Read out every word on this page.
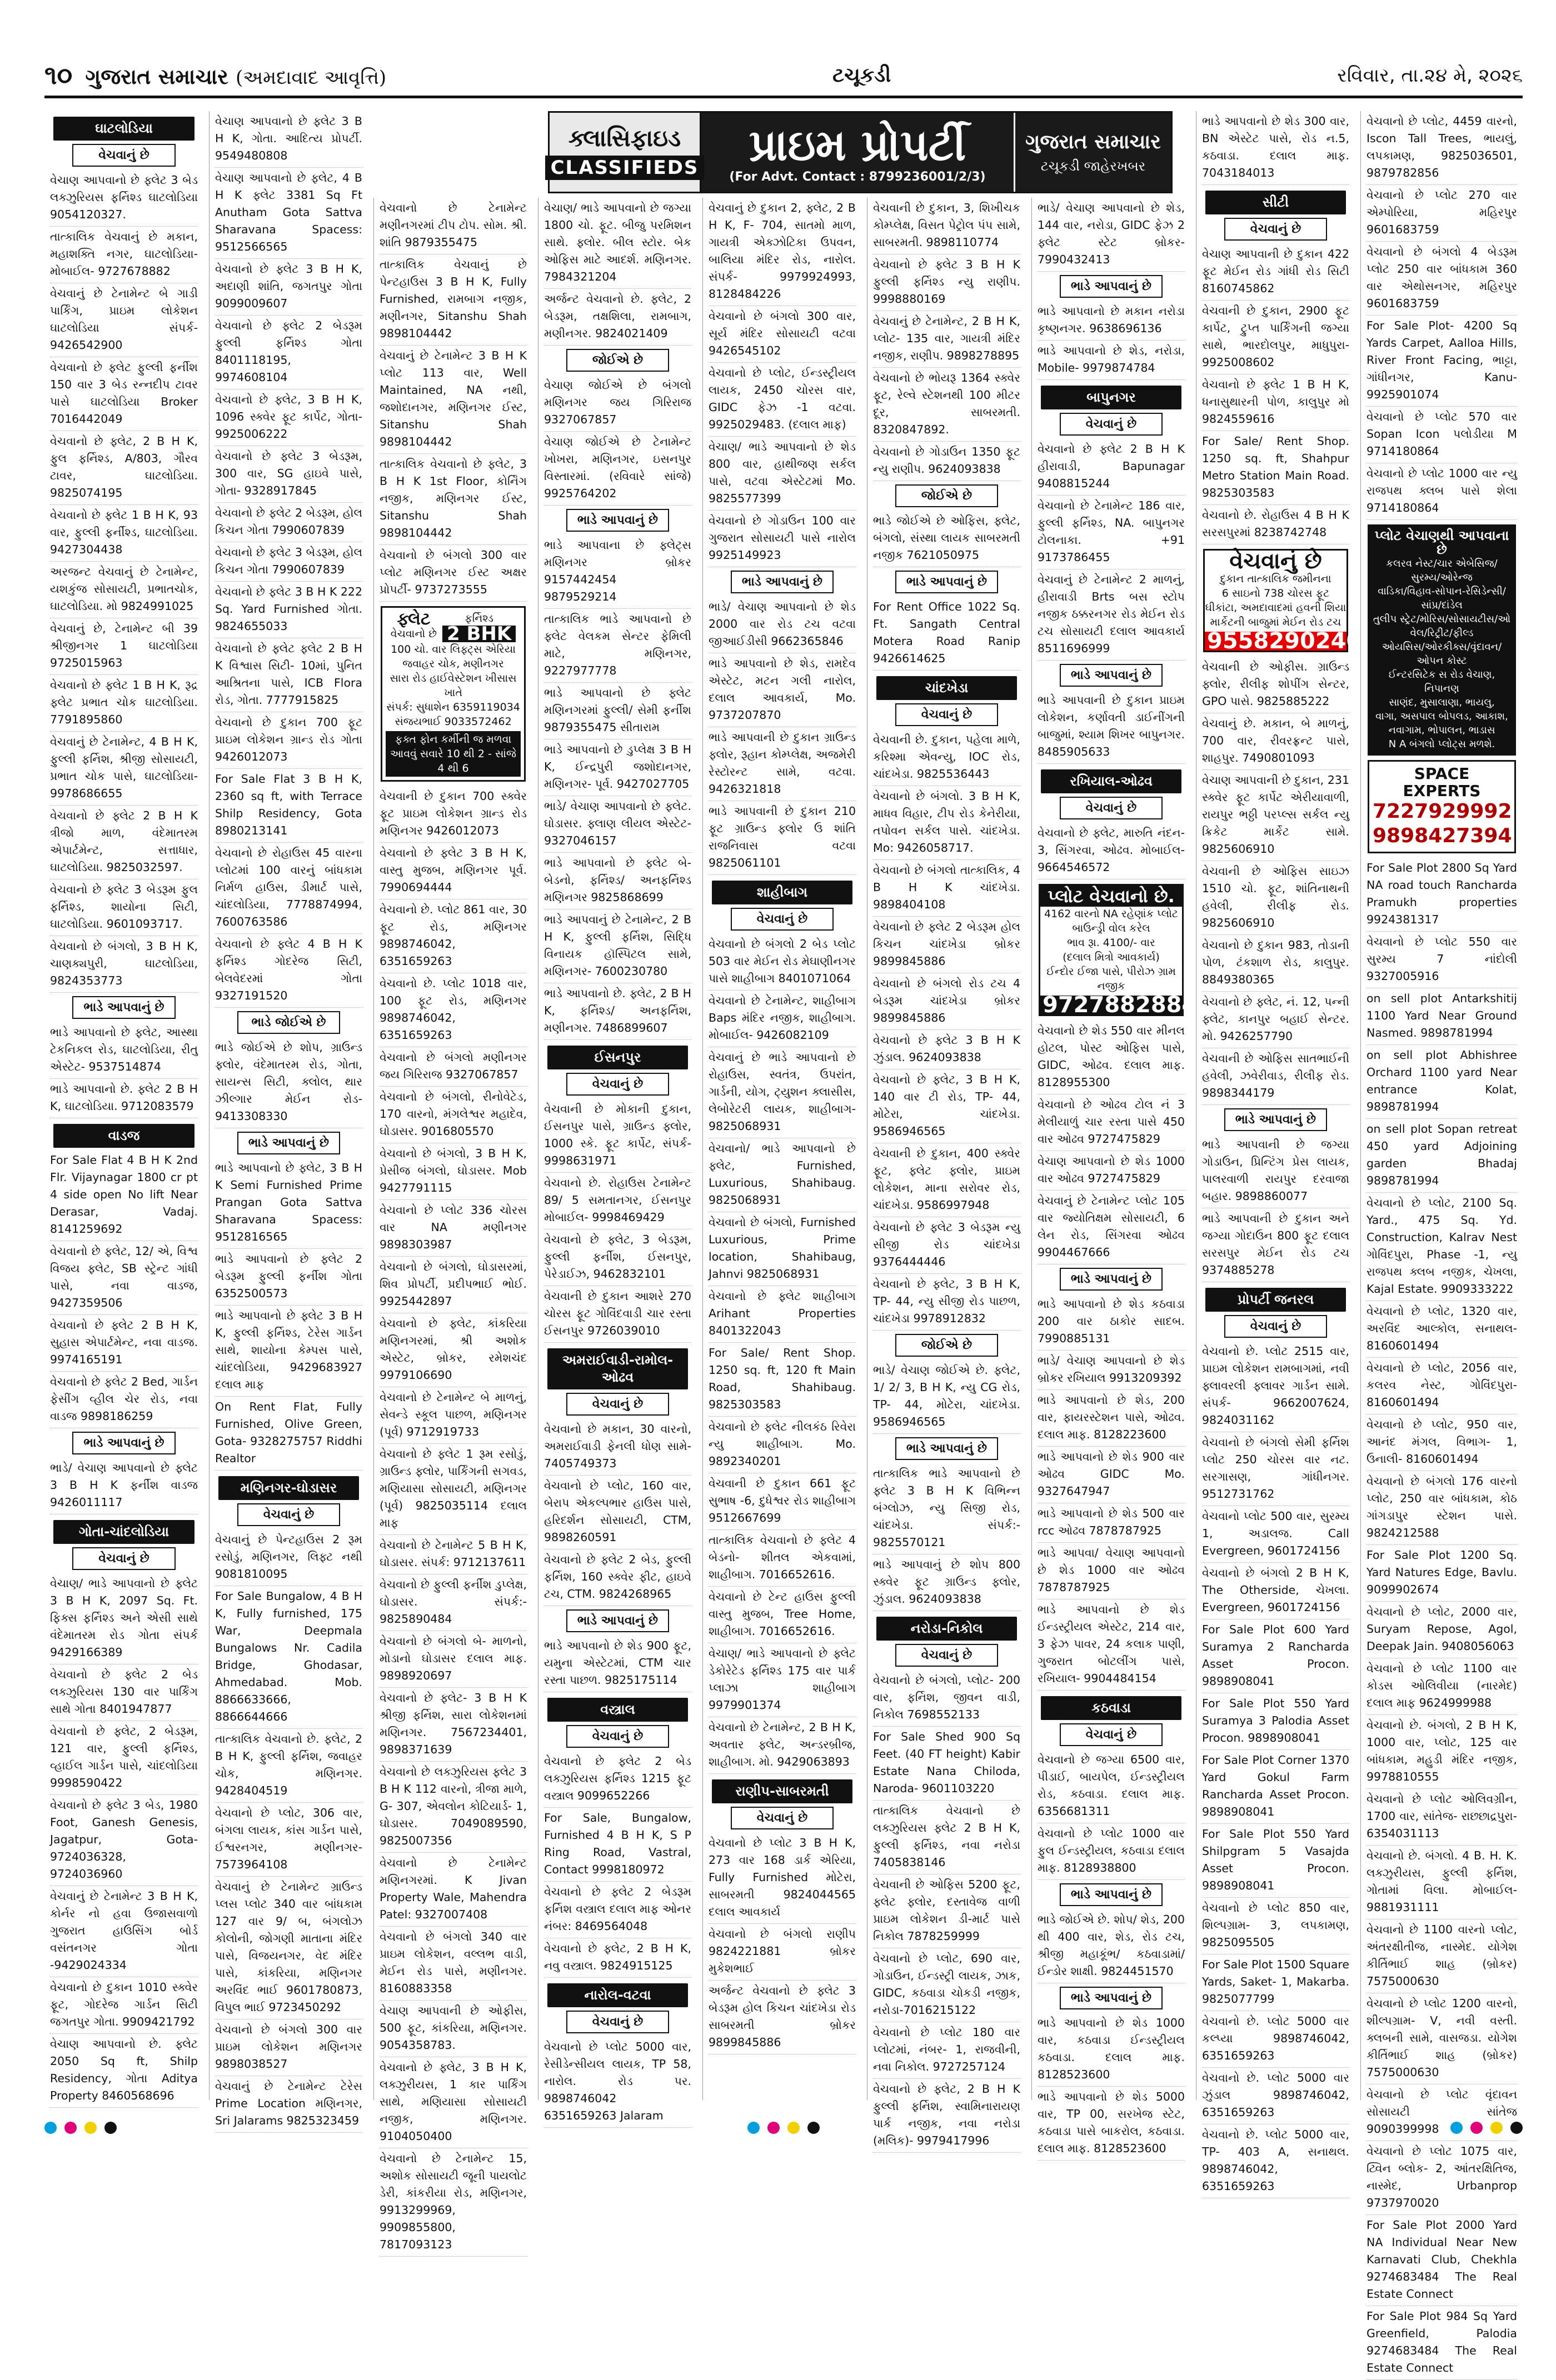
૧૦ ગુજરાત સમાચાર (અમદાવાદ આવૃત્તિ)	ટચૂકડી	રવિવાર, તા.૨૪ મે, ૨૦૨૬
ઘાટલોડિયા
વેચવાનું છે
વેચાણ આપવાનો છે ફ્લેટ 3 બેડ લક્ઝુરિયસ ફર્નિશ્ડ ઘાટલોડિયા 9054120327.
તાત્કાલિક વેચવાનું છે મકાન, મહાશક્તિ નગર, ઘાટલોડિયા- મોબાઈલ- 9727678882
વેચવાનું છે ટેનામેન્ટ બે ગાડી પાર્કિંગ, પ્રાઇમ લોકેશન ઘાટલોડિયા સંપર્ક- 9426542900
વેચવાનો છે ફ્લેટ ફુલ્લી ફર્નીશ 150 વાર 3 બેડ રન્નદીપ ટાવર પાસે ઘાટલોડિયા Broker 7016442049
વેચવાનો છે ફ્લેટ, 2 B H K, ફુલ ફર્નિશ્ડ, A/803, ગૌરવ ટાવર, ઘાટલોડિયા. 9825074195
વેચવાનો છે ફ્લેટ 1 B H K, 93 વાર, ફુલ્લી ફર્નીશ્ડ, ઘાટલોડિયા. 9427304438
અરજન્ટ વેચવાનું છે ટેનામેન્ટ, યશકુંજ સોસાયટી, પ્રભાતચોક, ઘાટલોડિયા. મો 9824991025
વેચવાનું છે, ટેનામેન્ટ બી 39 શ્રીજીનગર 1 ઘાટલોડિયા 9725015963
વેચવાનો છે ફ્લેટ 1 B H K, રૂદ્ર ફ્લેટ પ્રભાત ચોક ઘાટલોડિયા. 7791895860
વેચવાનું છે ટેનામેન્ટ, 4 B H K, ફુલ્લી ફર્નિશ, શ્રીજી સોસાયટી, પ્રભાત ચોક પાસે, ઘાટલોડિયા- 9978686655
વેચવાનો છે ફ્લેટ 2 B H K ત્રીજો માળ, વંદેમાતરમ એપાર્ટમેન્ટ, સત્તાધાર, ઘાટલોડિયા. 9825032597.
વેચવાનો છે ફ્લેટ 3 બેડરૂમ ફુલ ફર્નિશ્ડ, શાયોના સિટી, ઘાટલોડિયા. 9601093717.
વેચવાનો છે બંગલો, 3 B H K, ચાણક્યપુરી, ઘાટલોડિયા, 9824353773
ભાડે આપવાનું છે
ભાડે આપવાનો છે ફ્લેટ, આસ્થા ટેકનિકલ રોડ, ઘાટલોડિયા, રીતુ એસ્ટેટ- 9537514874
ભાડે આપવાનો છે. ફ્લેટ 2 B H K, ઘાટલોડિયા. 9712083579
વાડજ
For Sale Flat 4 B H K 2nd Flr. Vijaynagar 1800 cr pt 4 side open No lift Near Derasar, Vadaj. 8141259692
વેચવાનો છે ફ્લેટ, 12/ એ, વિશ્વ વિજય ફ્લેટ, SB સ્ટ્રેન્ટ ગાંધી પાસે, નવા વાડજ, 9427359506
વેચવાનો છે ફ્લેટ 2 B H K, સુહાસ એપાર્ટમેન્ટ, નવા વાડજ. 9974165191
વેચવાનો છે ફ્લેટ 2 Bed, ગાર્ડન ફેસીંગ વ્હીલ ચેર રોડ, નવા વાડજ 9898186259
ભાડે આપવાનું છે
ભાડે/ વેચાણ આપવાનો છે ફ્લેટ 3 B H K ફર્નીશ વાડજ 9426011117
ગોતા-ચાંદલોડિયા
વેચવાનું છે
વેચાણ/ ભાડે આપવાનો છે ફ્લેટ 3 B H K, 2097 Sq. Ft. ફિક્સ ફર્નિશ્ડ અને એસી સાથે વંદેમાતરમ રોડ ગોતા સંપર્ક 9429166389
વેચવાનો છે ફ્લેટ 2 બેડ લક્ઝુરિયસ 130 વાર પાર્કિંગ સાથે ગોતા 8401947877
વેચવાનો છે ફ્લેટ, 2 બેડરૂમ, 121 વાર, ફુલ્લી ફર્નિશ્ડ, વ્હાઈલ ગાર્ડન પાસે, ચાંદલોડિયા 9998590422
વેચવાનો છે ફ્લેટ 3 બેડ, 1980 Foot, Ganesh Genesis, Jagatpur, Gota- 9724036328, 9724036960
વેચવાનું છે ટેનામેન્ટ 3 B H K, કોર્નર નો હવા ઉજાસવાળો ગુજરાત હાઉસિંગ બોર્ડ વસંતનગર ગોતા -9429024334
વેચવાનો છે દુકાન 1010 સ્ક્વેર ફૂટ, ગોદરેજ ગાર્ડન સિટી જગતપુર ગોતા. 9909421792
વેચાણ આપવાનો છે. ફ્લેટ 2050 Sq ft, Shilp Residency, ગોતા Aditya Property 8460568696
વેચાણ આપવાનો છે ફ્લેટ 3 B H K, ગોતા. આદિત્ય પ્રોપર્ટી. 9549480808
વેચાણ આપવાનો છે ફ્લેટ, 4 B H K ફ્લેટ 3381 Sq Ft Anutham Gota Sattva Sharavana Spacess: 9512566565
વેચવાનો છે ફ્લેટ 3 B H K, અદાણી શાંતિ, જગતપુર ગોતા 9099009607
વેચવાનો છે ફ્લેટ 2 બેડરૂમ ફુલ્લી ફર્નિશ્ડ ગોતા 8401118195, 9974608104
વેચવાનો છે ફ્લેટ, 3 B H K, 1096 સ્ક્વેર ફૂટ કાર્પેટ, ગોતા- 9925006222
વેચવાનો છે ફ્લેટ 3 બેડરૂમ, 300 વાર, SG હાઇવે પાસે, ગોતા- 9328917845
વેચવાનો છે ફ્લેટ 2 બેડરૂમ, હોલ કિચન ગોતા 7990607839
વેચવાનો છે ફ્લેટ 3 બેડરૂમ, હોલ કિચન ગોતા 7990607839
વેચવાનો છે ફ્લેટ 3 B H K 222 Sq. Yard Furnished ગોતા. 9824655033
વેચવાનો છે ફ્લેટ ફ્લેટ 2 B H K વિશ્વાસ સિટી- 10માં, પુનિત આશ્રિતના પાસે, ICB Flora રોડ, ગોતા. 7777915825
વેચવાનો છે દુકાન 700 ફૂટ પ્રાઇમ લોકેશન ગ્રાન્ડ રોડ ગોતા 9426012073
For Sale Flat 3 B H K, 2360 sq ft, with Terrace Shilp Residency, Gota 8980213141
વેચવાનો છે રોહાઉસ 45 વારના પ્લોટમાં 100 વારનું બાંધકામ નિર્મળ હાઉસ, ડીમાર્ટ પાસે, ચાંદલોડિયા, 7778874994, 7600763586
વેચવાનો છે ફ્લેટ 4 B H K ફર્નિશ્ડ ગોદરેજ સિટી, બેલવેદરમાં ગોતા 9327191520
ભાડે જોઈએ છે
ભાડે જોઈએ છે શોપ, ગ્રાઉન્ડ ફ્લોર, વંદેમાતરમ રોડ, ગોતા, સાયન્સ સિટી, ક્લોલ, થાર ઝીલ્ગાર મેઈન રોડ- 9413308330
ભાડે આપવાનું છે
ભાડે આપવાનો છે ફ્લેટ, 3 B H K Semi Furnished Prime Prangan Gota Sattva Sharavana Spacess: 9512816565
ભાડે આપવાનો છે ફ્લેટ 2 બેડરૂમ ફુલ્લી ફર્નીશ ગોતા 6352500573
ભાડે આપવાનો છે ફ્લેટ 3 B H K, ફુલ્લી ફર્નિશ્ડ, ટેરેસ ગાર્ડન સાથે, શાયોના કેમ્પસ પાસે, ચાંદલોડિયા, 9429683927 દલાલ માફ
On Rent Flat, Fully Furnished, Olive Green, Gota- 9328275757 Riddhi Realtor
મણિનગર-ઘોડાસર
વેચવાનું છે
વેચવાનું છે પેન્ટહાઉસ 2 રૂમ રસોડું, મણિનગર, લિફ્ટ નથી 9081810095
For Sale Bungalow, 4 B H K, Fully furnished, 175 War, Deepmala Bungalows Nr. Cadila Bridge, Ghodasar, Ahmedabad. Mob. 8866633666, 8866644666
તાત્કાલિક વેચવાનો છે. ફ્લેટ, 2 B H K, ફુલ્લી ફર્નિશ, જવાહર ચોક, મણિનગર. 9428404519
વેચવાનો છે પ્લોટ, 306 વાર, બંગલા લાયક, કાંસ ગાર્ડન પાસે, ઈશ્વરનગર, મણીનગર- 7573964108
વેચવાનું છે ટેનામેન્ટ ગ્રાઉન્ડ પ્લસ પ્લોટ 340 વાર બાંધકામ 127 વાર 9/ બ, બંગલોઝ કોલોની, જોગણી માતાના મંદિર પાસે, વિજયનગર, વેદ મંદિર પાસે, કાંકરિયા, મણિનગર અરવિંદ ભાઈ 9601780873, વિપુલ ભાઈ 9723450292
વેચવાનો છે બંગલો 300 વાર પ્રાઇમ લોકેશન મણિનગર 9898038527
વેચવાનું છે ટેનામેન્ટ ટેરેસ Prime Location મણિનગર, Sri Jalarams 9825323459
વેચવાનો છે ટેનામેન્ટ મણીનગરમાં ટીપ ટોપ. સોમ. શ્રી. શાંતિ 9879355475
તાત્કાલિક વેચવાનું છે પેન્ટહાઉસ 3 B H K, Fully Furnished, રામબાગ નજીક, મણીનગર, Sitanshu Shah 9898104442
વેચવાનું છે ટેનામેન્ટ 3 B H K પ્લોટ 113 વાર, Well Maintained, NA નથી, જશોદાનગર, મણિનગર ઈસ્ટ, Sitanshu Shah 9898104442
તાત્કાલિક વેચવાનો છે ફ્લેટ, 3 B H K 1st Floor, કોર્નિંગ નજીક, મણિનગર ઈસ્ટ, Sitanshu Shah 9898104442
વેચવાનો છે બંગલો 300 વાર પ્લોટ મણિનગર ઈસ્ટ અક્ષર પ્રોપર્ટી- 9737273555
ફ્લેટ
વેચવાનો છે
ફર્નિશ્ડ
2 BHK
100 ચો. વાર લિફ્ટ્સ એરિયા
જવાહર ચોક, મણીનગર
સારા રોડ હાઈવેસ્ટેશન ખીસાસ ખાતે
સંપર્ક: સુધાશેન 6359119034
સંજયભાઈ 9033572462
ફક્ત ફોન કર્મીની જ મળવા આવવું સવારે 10 થી 2 - સાંજે 4 થી 6
વેચવાની છે દુકાન 700 સ્ક્વેર ફૂટ પ્રાઇમ લોકેશન ગ્રાન્ડ રોડ મણિનગર 9426012073
વેચવાનો છે ફ્લેટ 3 B H K, વાસ્તુ મુજબ, મણિનગર પૂર્વ. 7990694444
વેચવાનો છે. પ્લોટ 861 વાર, 30 ફૂટ રોડ, મણિનગર 9898746042, 6351659263
વેચવાનો છે. પ્લોટ 1018 વાર, 100 ફૂટ રોડ, મણિનગર 9898746042, 6351659263
વેચવાનો છે બંગલો મણીનગર જય ગિરિરાજ 9327067857
વેચવાનો છે બંગલો, રીનોવેટેડ, 170 વારનો, મંગલેશ્વર મહાદેવ, ઘોડાસર. 9016805570
વેચવાનો છે બંગલો, 3 B H K, પ્રેસીજ બંગલો, ઘોડાસર. Mob 9427791115
વેચવાનો છે પ્લોટ 336 ચોરસ વાર NA મણીનગર 9898303987
વેચવાનો છે બંગલો, ઘોડાસરમાં, શિવ પ્રોપર્ટી, પ્રદીપભાઈ ભોઈ. 9925442897
વેચવાનો છે ફ્લેટ, કાંકરિયા મણિનગરમાં, શ્રી અશોક એસ્ટેટ, બ્રોકર, રમેશચંદ 9979106690
વેચવાનો છે ટેનામેન્ટ બે માળનું, સેવન્ડે સ્કૂલ પાછળ, મણિનગર (પૂર્વ) 9712919733
વેચવાનો છે ફ્લેટ 1 રૂમ રસોડું, ગ્રાઉન્ડ ફ્લોર, પાર્કિંગની સગવડ, મણિયાસા સોસાયટી, મણિનગર (પૂર્વ) 9825035114 દલાલ માફ
વેચવાનો છે ટેનામેન્ટ 5 B H K, ઘોડાસર. સંપર્ક: 9712137611
વેચવાનો છે ફુલ્લી ફર્નીશ ડુપ્લેક્ષ, ઘોડાસર. સંપર્ક:- 9825890484
વેચવાનો છે બંગલો બે- માળનો, મોડાનો ઘોડાસર દલાલ માફ. 9898920697
વેચવાનો છે ફ્લેટ- 3 B H K શ્રીજી ફર્નિશ, સારા લોકેશનમાં મણિનગર. 7567234401, 9898371639
વેચવાનો છે લક્ઝુરિયસ ફ્લેટ 3 B H K 112 વારનો, ત્રીજા માળે, G- 307, એવલોન કોટિયાર્ડ- 1, ઘોડાસર. 7049089590, 9825007356
વેચવાનો છે ટેનામેન્ટ મણિનગરમાં. K Jivan Property Wale, Mahendra Patel: 9327007408
વેચવાનો છે બંગલો 340 વાર પ્રાઇમ લોકેશન, વલ્લભ વાડી, મેઈન રોડ પાસે, મણીનગર. 8160883358
વેચાણ આપવાની છે ઓફીસ, 500 ફૂટ, કાંકરિયા, મણિનગર. 9054358783.
વેચવાનો છે ફ્લેટ, 3 B H K, લક્ઝુરીયસ, 1 કાર પાર્કિંગ સાથે, મણિયાસા સોસાયટી નજીક, મણિનગર. 9104050400
વેચવાનો છે ટેનામેન્ટ 15, અશોક સોસાયટી જૂની પાયલોટ ડેરી, કાંકરીયા રોડ, મણિનગર, 9913299969, 9909855800, 7817093123
વેચાણ/ ભાડે આપવાનો છે જગ્યા 1800 ચો. ફૂટ. બીજુ પરમિશન સાથે. ફ્લોર. બીલ સ્ટોર. બેક ઓફિસ માટે આદર્શ. મણિનગર. 7984321204
અર્જન્ટ વેચવાનો છે. ફ્લેટ, 2 બેડરૂમ, તક્ષશિલા, રામબાગ, મણીનગર. 9824021409
જોઈએ છે
વેચાણ જોઈએ છે બંગલો મણિનગર જય ગિરિરાજ 9327067857
વેચાણ જોઈએ છે ટેનામેન્ટ ખોખરા, મણિનગર, ઇસનપુર વિસ્તારમાં. (રવિવારે સાંજે) 9925764202
ભાડે આપવાનું છે
ભાડે આપવાના છે ફ્લેટ્સ મણિનગર બ્રોકર 9157442454 9879529214
તાત્કાલિક ભાડે આપવાનો છે ફ્લેટ વેલકમ સેન્ટર ફેમિલી માટે, મણિનગર, 9227977778
ભાડે આપવાનો છે ફ્લેટ મણિનગરમાં ફુલ્લી/ સેમી ફર્નીશ 9879355475 સીતારામ
ભાડે આપવાનો છે ડુપ્લેક્ષ 3 B H K, ઈન્દ્રપુરી જશોદાનગર, મણિનગર- પૂર્વ. 9427027705
ભાડે/ વેચાણ આપવાનો છે ફ્લેટ. ઘોડાસર. ફ્લાણ લીયલ એસ્ટેટ- 9327046157
ભાડે આપવાનો છે ફ્લેટ બે- બેડનો, ફર્નિશ્ડ/ અનફર્નિશ્ડ મણિનગર 9825868699
ભાડે આપવાનું છે ટેનામેન્ટ, 2 B H K, ફુલ્લી ફર્નિશ, સિદ્ધિ વિનાયક હૉસ્પિટલ સામે, મણિનગર- 7600230780
ભાડે આપવાનો છે. ફ્લેટ, 2 B H K, ફર્નિશ્ડ/ અનફર્નિશ, મણીનગર. 7486899607
ઈસનપુર
વેચવાનું છે
વેચવાની છે મોકાની દુકાન, ઈસનપુર પાસે, ગ્રાઉન્ડ ફ્લોર, 1000 સ્કે. ફૂટ કાર્પેટ, સંપર્ક- 9998631971
વેચવાનો છે. રોહાઉસ ટેનામેન્ટ 89/ 5 સમતાનગર, ઈસનપુર મોબાઈલ- 9998469429
વેચવાનો છે ફ્લેટ, 3 બેડરૂમ, ફુલ્લી ફર્નીશ, ઈસનપુર, પેરેડાઈઝ, 9462832101
વેચવાની છે દુકાન આશરે 270 ચોરસ ફૂટ ગોવિંદવાડી ચાર રસ્તા ઈસનપુર 9726039010
અમરાઈવાડી-રામોલ-ઓઢવ
વેચવાનું છે
વેચવાનો છે મકાન, 30 વારનો, અમરાઈવાડી ફેનલી ધોણ સામે- 7405749373
વેચવાનો છે પ્લોટ, 160 વાર, બેરાપ એકલ્પભાર હાઉસ પાસે, હરિદર્શન સોસાયટી, CTM, 9898260591
વેચવાનો છે ફ્લેટ 2 બેડ, ફુલ્લી ફર્નિશ, 160 સ્ક્વેર ફીટ, હાઇવે ટચ, CTM. 9824268965
ભાડે આપવાનું છે
ભાડે આપવાનો છે શેડ 900 ફૂટ, યમુના એસ્ટેટમાં, CTM ચાર રસ્તા પાછળ. 9825175114
વસ્ત્રાલ
વેચવાનું છે
વેચવાનો છે ફ્લેટ 2 બેડ લક્ઝુરિયસ ફર્નિશ્ડ 1215 ફૂટ વસ્ત્રાલ 9099652266
For Sale, Bungalow, Furnished 4 B H K, S P Ring Road, Vastral, Contact 9998180972
વેચવાનો છે ફ્લેટ 2 બેડરૂમ ફર્નિશ વસ્ત્રાલ દલાલ માફ ઓનર નંબર: 8469564048
વેચવાનો છે ફ્લેટ, 2 B H K, નવુ વસ્ત્રાલ. 9824915125
નારોલ-વટવા
વેચવાનું છે
વેચવાનો છે પ્લોટ 5000 વાર, રેસીડેન્સીયલ લાયક, TP 58, નારોલ. રોડ પર. 9898746042 6351659263 Jalaram
વેચવાનું છે દુકાન 2, ફ્લેટ, 2 B H K, F- 704, સાતમો માળ, ગાયત્રી એક્ઝોટિકા ઉપવન, બાલિયા મંદિર રોડ, નારોલ. સંપર્ક- 9979924993, 8128484226
વેચવાનો છે બંગલો 300 વાર, સૂર્ય મંદિર સોસાયટી વટવા 9426545102
વેચવાનો છે પ્લોટ, ઈન્ડસ્ટ્રીયલ લાયક, 2450 ચોરસ વાર, GIDC ફેઝ -1 વટવા. 9925029483. (દલાલ માફ)
વેચાણ/ ભાડે આપવાનો છે શેડ 800 વાર, હાથીજણ સર્કલ પાસે, વટવા એસ્ટેટમાં Mo. 9825577399
વેચવાનો છે ગોડાઉન 100 વાર ગુજરાત સોસાયટી પાસે નારોલ 9925149923
ભાડે આપવાનું છે
ભાડે/ વેચાણ આપવાનો છે શેડ 2000 વાર રોડ ટચ વટવા જીઆઈડીસી 9662365846
ભાડે આપવાનો છે શેડ, રામદેવ એસ્ટેટ, મટન ગલી નારોલ, દલાલ આવકાર્ય, Mo. 9737207870
ભાડે આપવાની છે દુકાન ગ્રાઉન્ડ ફ્લોર, રૂહાન કોમ્પ્લેક્ષ, અજમેરી રેસ્ટોરન્ટ સામે, વટવા. 9426321818
ભાડે આપવાની છે દુકાન 210 ફૂટ ગ્રાઉન્ડ ફ્લોર ઉ શાંતિ રાજનિવાસ વટવા 9825061101
શાહીબાગ
વેચવાનું છે
વેચવાનો છે બંગલો 2 બેડ પ્લોટ 503 વાર મેઈન રોડ મેઘાણીનગર પાસે શાહીબાગ 8401071064
વેચવાનો છે ટેનામેન્ટ, શાહીબાગ Baps મંદિર નજીક, શાહીબાગ. મોબાઈલ- 9426082109
વેચવાનું છે ભાડે આપવાનો છે રોહાઉસ, સ્વતંત્ર, ઉપરાંત, ગાર્ડની, યોગ, ટ્યુશન ક્લાસીસ, લેબોરેટરી લાયક, શાહીબાગ- 9825068931
વેચવાનો/ ભાડે આપવાનો છે ફ્લેટ, Furnished, Luxurious, Shahibaug. 9825068931
વેચવાનો છે બંગલો, Furnished Luxurious, Prime location, Shahibaug, Jahnvi 9825068931
વેચવાનો છે ફ્લેટ શાહીબાગ Arihant Properties 8401322043
For Sale/ Rent Shop. 1250 sq. ft, 120 ft Main Road, Shahibaug. 9825303583
વેચવાનો છે ફ્લેટ નીલકંઠ રિવેરા ન્યુ શાહીબાગ. Mo. 9892340201
વેચવાની છે દુકાન 661 ફૂટ સુભાષ -6, દુધેશ્વર રોડ શાહીબાગ 9512667699
તાત્કાલિક વેચવાનો છે ફ્લેટ 4 બેડનો- શીતલ એકવામાં, શાહીબાગ. 7016652616.
વેચવાનો છે ટેન્ટ હાઉસ ફુલ્લી વાસ્તુ મુજબ, Tree Home, શાહીબાગ. 7016652616.
વેચાણ/ ભાડે આપવાનો છે ફ્લેટ ડેકોરેટેડ ફર્નિશ્ડ 175 વાર પાર્ક પ્લાઝા શાહીબાગ 9979901374
વેચવાનો છે ટેનામેન્ટ, 2 B H K, અવતાર ફ્લેટ, અન્ડરબ્રીજ, શાહીબાગ. મો. 9429063893
રાણીપ-સાબરમતી
વેચવાનું છે
વેચવાનો છે પ્લોટ 3 B H K, 273 વાર 168 ડાર્ક એરિયા, Fully Furnished મોટેરા, સાબરમતી 9824044565 દલાલ આવકાર્ય
વેચવાનો છે બંગલો રાણીપ 9824221881 બ્રોકર મુકેશભાઈ
અર્જન્ટ વેચવાનો છે ફ્લેટ 3 બેડરૂમ હોલ કિચન ચાંદખેડા રોડ સાબરમતી બ્રોકર 9899845886
વેચવાની છે દુકાન, 3, શિખીચક કોમ્પ્લેક્ષ, વિસત પેટ્રોલ પંપ સામે, સાબરમતી. 9898110774
વેચવાનો છે ફ્લેટ 3 B H K ફુલ્લી ફર્નિશ્ડ ન્યુ રાણીપ. 9998880169
વેચવાનું છે ટેનામેન્ટ, 2 B H K, પ્લોટ- 135 વાર, ગાયત્રી મંદિર નજીક, રાણીપ. 9898278895
વેચવાનો છે ભોયરૂ 1364 સ્ક્વેર ફૂટ, રેલ્વે સ્ટેશનથી 100 મીટર દૂર, સાબરમતી. 8320847892.
વેચવાનો છે ગોડાઉન 1350 ફૂટ ન્યુ રાણીપ. 9624093838
જોઈએ છે
ભાડે જોઈએ છે ઓફિસ, ફ્લેટ, બંગલો, સંસ્થા લાયક સાબરમતી નજીક 7621050975
ભાડે આપવાનું છે
For Rent Office 1022 Sq. Ft. Sangath Central Motera Road Ranip 9426614625
ચાંદખેડા
વેચવાનું છે
વેચવાની છે. દુકાન, પહેલા માળે, કરિશ્મા એવન્યુ, IOC રોડ, ચાંદખેડા. 9825536443
વેચવાનો છે બંગલો. 3 B H K, માધવ વિહાર, ટીપ રોડ કેનેરીયા, તપોવન સર્કલ પાસે. ચાંદખેડા. Mo: 9426058717.
વેચવાનો છે બંગલો તાત્કાલિક, 4 B H K ચાંદખેડા. 9898404108
વેચવાનો છે ફ્લેટ 2 બેડરૂમ હોલ કિચન ચાંદખેડા બ્રોકર 9899845886
વેચવાનો છે બંગલો રોડ ટચ 4 બેડરૂમ ચાંદખેડા બ્રોકર 9899845886
વેચવાનો છે ફ્લેટ 3 B H K ઝુંડાલ. 9624093838
વેચવાનો છે ફ્લેટ, 3 B H K, 140 વાર ટી રોડ, TP- 44, મોટેરા, ચાંદખેડા. 9586946565
વેચવાની છે દુકાન, 400 સ્ક્વેર ફૂટ, ફ્લેટ ફ્લોર, પ્રાઇમ લોકેશન, માના સરોવર રોડ, ચાંદખેડા. 9586997948
વેચવાનો છે ફ્લેટ 3 બેડરૂમ ન્યુ સીજી રોડ ચાંદખેડા 9376444446
વેચવાનો છે ફ્લેટ, 3 B H K, TP- 44, ન્યુ સીજી રોડ પાછળ, ચાંદખેડા 9978912832
જોઈએ છે
ભાડે/ વેચાણ જોઈએ છે. ફ્લેટ, 1/ 2/ 3, B H K, ન્યુ CG રોડ, TP- 44, મોટેરા, ચાંદખેડા. 9586946565
ભાડે આપવાનું છે
તાત્કાલિક ભાડે આપવાનો છે ફ્લેટ 3 B H K વિભિન્ન બંગ્લોઝ, ન્યુ સિજી રોડ, ચાંદખેડા. સંપર્ક:- 9825570121
ભાડે આપવાનું છે શોપ 800 સ્ક્વેર ફૂટ ગ્રાઉન્ડ ફ્લોર, ઝુંડાલ. 9624093838
નરોડા-નિકોલ
વેચવાનું છે
વેચવાનો છે બંગલો, પ્લોટ- 200 વાર, ફર્નિશ, જીવન વાડી, નિકોલ 7698552133
For Sale Shed 900 Sq Feet. (40 FT height) Kabir Estate Nana Chiloda, Naroda- 9601103220
તાત્કાલિક વેચવાનો છે લક્ઝુરિયસ ફ્લેટ 2 B H K, ફુલ્લી ફર્નિશ્ડ, નવા નરોડા 7405838146
વેચવાની છે ઓફિસ 5200 ફૂટ, ફ્લેટ ફ્લોર, દસ્તાવેજ વાળી પ્રાઇમ લોકેશન ડી-માર્ટ પાસે નિકોલ 7878259999
વેચવાનો છે પ્લોટ, 690 વાર, ગોડાઉન, ઈન્ડસ્ટ્રી લાયક, ઝાક, GIDC, કઠવાડા ચોકડી નજીક, નરોડા-7016215122
વેચવાનો છે પ્લોટ 180 વાર પ્લોટમાં, નંબર- 1, રાજવીની, નવા નિકોલ. 9727257124
વેચવાનો છે ફ્લેટ, 2 B H K ફુલ્લી ફર્નિશ, સ્વામિનારાયણ પાર્ક નજીક, નવા નરોડા (મલિક)- 9979417996
ભાડે/ વેચાણ આપવાનો છે શેડ, 144 વાર, નરોડા, GIDC ફેઝ 2 ફ્લેટ સ્ટેટ બ્રોકર- 7990432413
ભાડે આપવાનું છે
ભાડે આપવાનો છે મકાન નરોડા કૃષ્ણનગર. 9638696136
ભાડે આપવાનો છે શેડ, નરોડા, Mobile- 9979874784
બાપુનગર
વેચવાનું છે
વેચવાનો છે ફ્લેટ 2 B H K હીરાવાડી, Bapunagar 9408815244
વેચવાનો છે ટેનામેન્ટ 186 વાર, ફુલ્લી ફર્નિશ્ડ, NA. બાપુનગર ટોલનાકા. +91 9173786455
વેચવાનું છે ટેનામેન્ટ 2 માળનું, હીરાવાડી Brts બસ સ્ટોપ નજીક ઠક્કરનગર રોડ મેઈન રોડ ટચ સોસાયટી દલાલ આવકાર્ય 8511696999
ભાડે આપવાનું છે
ભાડે આપવાની છે દુકાન પ્રાઇમ લોકેશન, કર્ણાવતી ડાઈનીંગની બાજુમાં, શ્યામ શિખર બાપુનગર. 8485905633
રખિયાલ-ઓઢવ
વેચવાનું છે
વેચવાનો છે ફ્લેટ, મારુતિ નંદન- 3, સિંગરવા, ઓઢવ. મોબાઈલ- 9664546572
પ્લોટ વેચવાનો છે.
4162 વારનો NA રહેણાંક પ્લોટ
બાઉન્ડ્રી વોલ કરેલ
ભાવ રૂા. 4100/- વાર
(દલાલ મિત્રો આવકાર્ય)
ઈન્દોર ઈજા પાસે, પીરોઝ ગ્રામ નજીક
9727882884
વેચવાનો છે શેડ 550 વાર મીનલ હોટલ, પોસ્ટ ઓફિસ પાસે, GIDC, ઓઢવ. દલાલ માફ. 8128955300
વેચવાનો છે ઓઢવ ટોલ નં 3 મેલીયાળું ચાર રસ્તા પાસે 450 વાર ઓઢવ 9727475829
વેચાણ આપવાનો છે શેડ 1000 વાર ઓઢવ 9727475829
વેચવાનું છે ટેનામેન્ટ પ્લોટ 105 વાર જ્યોતિક્ષમ સોસાયટી, 6 લેન રોડ, સિંગરવા ઓઢવ 9904467666
ભાડે આપવાનું છે
ભાડે આપવાનો છે શેડ કઠવાડા 200 વાર ઠાકોર સાદબ. 7990885131
ભાડે/ વેચાણ આપવાનો છે શેડ બ્રોકર રખિયાલ 9913209392
ભાડે આપવાનો છે શેડ, 200 વાર, ફાયરસ્ટેશન પાસે, ઓઢવ. દલાલ માફ. 8128223600
ભાડે આપવાનો છે શેડ 900 વાર ઓઢવ GIDC Mo. 9327647947
ભાડે આપવાનો છે શેડ 500 વાર rcc ઓઢવ 7878787925
ભાડે આપવા/ વેચાણ આપવાનો છે શેડ 1000 વાર ઓઢવ 7878787925
ભાડે આપવાનો છે શેડ ઈન્ડસ્ટ્રીયલ એસ્ટેટ, 214 વાર, 3 ફેઝ પાવર, 24 કલાક પાણી, ગુજરાત બોટલીંગ પાસે, રખિયાલ- 9904484154
કઠવાડા
વેચવાનું છે
વેચવાનો છે જગ્યા 6500 વાર, પીડાઈ, બાયપેલ, ઈન્ડસ્ટ્રીયલ રોડ, કઠવાડા. દલાલ માફ. 6356681311
વેચવાનો છે પ્લોટ 1000 વાર ફુલ ઈન્ડસ્ટ્રીયલ, કઠવાડા દલાલ માફ. 8128938800
ભાડે આપવાનું છે
ભાડે જોઈએ છે. શોપ/ શેડ, 200 થી 400 વાર, શેડ, રોડ ટચ, શ્રીજી મહાકૂંભ/ કઠવાડામાં/ ઈન્ડોર શાક્ષી. 9824451570
ભાડે આપવાનું છે
ભાડે આપવાનો છે શેડ 1000 વાર, કઠવાડા ઈન્ડસ્ટ્રીયલ કઠવાડા. દલાલ માફ. 8128523600
ભાડે આપવાનો છે શેડ 5000 વાર, TP 00, સરખેજ સ્ટેટ, કઠવાડા પાસે બાકરોલ, કઠવાડા. દલાલ માફ. 8128523600
ભાડે આપવાનો છે શેડ 300 વાર, BN એસ્ટેટ પાસે, રોડ ન.5, કઠવાડા. દલાલ માફ. 7043184013
સીટી
વેચવાનું છે
વેચાણ આપવાની છે દુકાન 422 ફૂટ મેઈન રોડ ગાંધી રોડ સિટી 8160745862
વેચવાની છે દુકાન, 2900 ફૂટ કાર્પેટ, ટ્રુપ્ત પાર્કિંગની જગ્યા સાથે, ભારદોલપુર, માધુપુરા- 9925008602
વેચવાનો છે ફ્લેટ 1 B H K, ધનાસુથારની પોળ, કાલુપુર મો 9824559616
For Sale/ Rent Shop. 1250 sq. ft, Shahpur Metro Station Main Road. 9825303583
વેચવાનો છે. રોહાઉસ 4 B H K સરસપુરમાં 8238742748
વેચવાનું છે
દુકાન તાત્કાલિક જમીનના
6 સાઇનો 738 ચોરસ ફૂટ
ઘીકાંટા, અમદાવાદમાં હવની શિયા
માર્કેટની બાજુમાં મેઈન રોડ ટચ
9558290240
વેચવાની છે ઓફીસ. ગ્રાઉન્ડ ફ્લોર, રીલીફ શોપીંગ સેન્ટર, GPO પાસે. 9825885222
વેચવાનું છે. મકાન, બે માળનું, 700 વાર, રીવરફ્રન્ટ પાસે, શાહપુર. 7490801093
વેચાણ આપવાની છે દુકાન, 231 સ્ક્વેર ફૂટ કાર્પેટ એરીયાવાળી, રાયપુર ભઠ્ઠી પરપ્લ્સ સર્કલ ન્યુ ક્રિકેટ માર્કેટ સામે. 9825606910
વેચવાની છે ઓફિસ સાઇઝ 1510 ચો. ફૂટ, શાંતિનાથની હવેલી, રીલીફ રોડ. 9825606910
વેચવાનો છે દુકાન 983, તોડાની પોળ, ટંકશાળ રોડ, કાલુપુર. 8849380365
વેચવાનો છે ફ્લેટ, નં. 12, પન્ની ફ્લેટ, કાનપુર બહાઈ સેન્ટર. મો. 9426257790
વેચવાની છે ઓફિસ સાતભાઈની હવેલી, ઝવેરીવાડ, રીલીફ રોડ. 9898344179
ભાડે આપવાનું છે
ભાડે આપવાની છે જગ્યા ગોડાઉન, પ્રિન્ટિંગ પ્રેસ લાયક, પાલરવાળી રાયપુર દરવાજા બહાર. 9898860077
ભાડે આપવાની છે દુકાન અને જગ્યા ગોદાઉન 800 ફૂટ દલાલ સરસપુર મેઈન રોડ ટચ 9374885278
પ્રોપર્ટી જનરલ
વેચવાનું છે
વેચવાનો છે. પ્લોટ 2515 વાર, પ્રાઇમ લોકેશન રામબાગમાં, નવી ફ્લાવરલી ફ્લાવર ગાર્ડન સામે. સંપર્ક- 9662007624, 9824031162
વેચવાનો છે બંગલો સેમી ફર્નિશ પ્લોટ 250 ચોરસ વાર નટ. સરગાસણ, ગાંધીનગર. 9512731762
વેચવાનો પ્લોટ 500 વાર, સુરમ્ય 1, અડાલજ. Call Evergreen, 9601724156
વેચવાનો છે બંગલો 2 B H K, The Otherside, ચેખલા. Evergreen, 9601724156
For Sale Plot 600 Yard Suramya 2 Rancharda Asset Procon. 9898908041
For Sale Plot 550 Yard Suramya 3 Palodia Asset Procon. 9898908041
For Sale Plot Corner 1370 Yard Gokul Farm Rancharda Asset Procon. 9898908041
For Sale Plot 550 Yard Shilpgram 5 Vasajda Asset Procon. 9898908041
વેચવાનો છે પ્લોટ 850 વાર, શિલ્પગ્રામ- 3, લપકામણ, 9825095505
For Sale Plot 1500 Square Yards, Saket- 1, Makarba. 9825077799
વેચવાનો છે. પ્લોટ 5000 વાર કલ્પ્યા 9898746042, 6351659263
વેચવાનો છે. પ્લોટ 5000 વાર ઝુંડાલ 9898746042, 6351659263
વેચવાનો છે. પ્લોટ 5000 વાર, TP- 403 A, સનાથલ. 9898746042, 6351659263
વેચવાનો છે પ્લોટ, 4459 વારનો, Iscon Tall Trees, ભાયલું, લપકામણ, 9825036501, 9879782856
વેચવાનો છે પ્લોટ 270 વાર એમ્પોરિયા, મહિરપુર 9601683759
વેચવાનો છે બંગલો 4 બેડરૂમ પ્લોટ 250 વાર બાંધકામ 360 વાર એથોસનગર, મહિરપુર 9601683759
For Sale Plot- 4200 Sq Yards Carpet, Aalloa Hills, River Front Facing, ભાટ્ટા, ગાંધીનગર, Kanu- 9925901074
વેચવાનો છે પ્લોટ 570 વાર Sopan Icon પલોડીયા M 9714180864
વેચવાનો છે પ્લોટ 1000 વાર ન્યુ રાજપથ ક્લબ પાસે શેલા 9714180864
પ્લોટ વેચાણથી આપવાના છે
કલરવ નેસ્ટ/ચાર એબેસિજ/સુરમ્ય/ઓરેન્જ
વાડિકા/વિહાવ-સોપાન-રેસિડેન્સી/સાંપ્ર/દાંડેલ
તુલીપ સ્ટ્રેટ/મોરિસ/સોસાયટીસ/ઓ વેલ/રિટ્રીટ/ફીલ્ડ
ઓયસિસ/ઓરકીક્સ/વૃંદાવન/ઓપન કોસ્ટ
ઈન્ટરસિટેક સ રોડ વેચાણ, નિપાનણ
સાણંદ, મુસાલાણા, ભાયલુ,
વાગા, અસપાલ બોપલડ, આકાશ,
નવાગામ, ભોપાલન, ભાડાસ
N A બંગલો પ્લોટ્સ મળશે.
SPACE EXPERTS
7227929992
9898427394
For Sale Plot 2800 Sq Yard NA road touch Rancharda Pramukh properties 9924381317
વેચવાનો છે પ્લોટ 550 વાર સુરમ્ય 7 નાંદોલી 9327005916
on sell plot Antarkshitij 1100 Yard Near Ground Nasmed. 9898781994
on sell plot Abhishree Orchard 1100 yard Near entrance Kolat, 9898781994
on sell plot Sopan retreat 450 yard Adjoining garden Bhadaj 9898781994
વેચવાનો છે પ્લોટ, 2100 Sq. Yard., 475 Sq. Yd. Construction, Kalrav Nest ગોવિંદપુરા, Phase -1, ન્યુ રાજપથ ક્લબ નજીક, ચેખલા, Kajal Estate. 9909333222
વેચવાનો છે પ્લોટ, 1320 વાર, અરવિંદ આલ્કોલ, સનાથલ- 8160601494
વેચવાનો છે પ્લોટ, 2056 વાર, કલરવ નેસ્ટ, ગોવિંદપુરા- 8160601494
વેચવાનો છે પ્લોટ, 950 વાર, આનંદ મંગલ, વિભાગ- 1, ઉનાલી- 8160601494
વેચવાનો છે બંગલો 176 વારનો પ્લોટ, 250 વાર બાંધકામ, કોઠ ગાંગડાપુર સ્ટેશન પાસે. 9824212588
For Sale Plot 1200 Sq. Yard Natures Edge, Bavlu. 9099902674
વેચવાનો છે પ્લોટ, 2000 વાર, Suryam Repose, Agol, Deepak Jain. 9408056063
વેચવાનો છે પ્લોટ 1100 વાર કોડસ ઓલિવીયા (નારમેદ) દલાલ માફ 9624999988
વેચવાનો છે. બંગલો, 2 B H K, 1000 વાર, પ્લોટ, 125 વાર બાંધકામ, મહુડી મંદિર નજીક, 9978810555
વેચવાનો છે પ્લોટ ઓલિવગ્રીન, 1700 વાર, સાંતેજ- રાછ્છાદ્રપુરા- 6354031113
વેચવાનો છે. બંગલો. 4 B. H. K. લક્ઝુરીયસ, ફુલ્લી ફર્નિશ, ગોતામાં વિલા. મોબાઈલ- 9881931111
વેચવાનો છે 1100 વારનો પ્લોટ, અંતરક્ષીતીજ, નાસ્મેદ. યોગેશ કીર્તિભાઈ શાહ (બ્રોકર) 7575000630
વેચવાનો છે પ્લોટ 1200 વારનો, શીલ્પગ્રામ- V, નવી વસ્તી. ક્લબની સામે, વાસજડા. યોગેશ કીર્તિભાઈ શાહ (બ્રોકર) 7575000630
વેચવાનો છે પ્લોટ વૃંદાવન સોસાયટી સાંતેજ 9090399998
વેચવાનો છે પ્લોટ 1075 વાર, ટ્વિન બ્લોક- 2, આંતરક્ષિતિજ, નાસ્મેદ, Urbanprop 9737970020
For Sale Plot 2000 Yard NA Individual Near New Karnavati Club, Chekhla 9274683484 The Real Estate Connect
For Sale Plot 984 Sq Yard Greenfield, Palodia 9274683484 The Real Estate Connect
ક્લાસિફાઇડ
CLASSIFIEDS પ્રાઇમ પ્રોપર્ટી
(For Advt. Contact : 8799236001/2/3)
ગુજરાત સમાચાર
ટચૂકડી જાહેરખબર
